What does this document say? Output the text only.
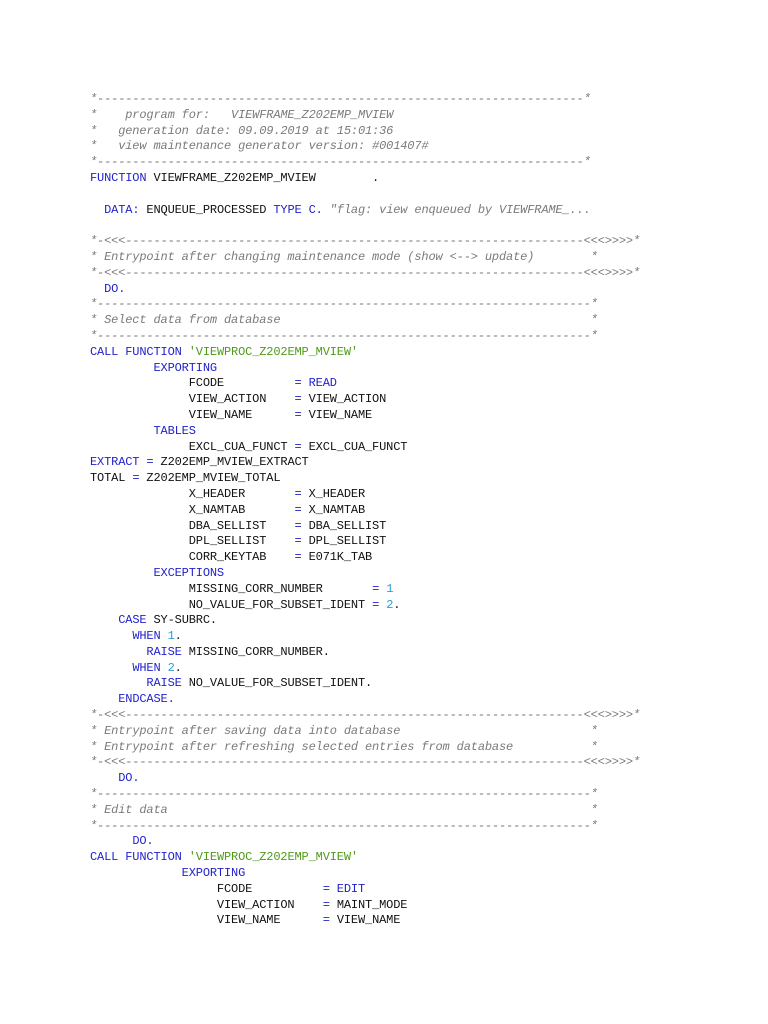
*---------------------------------------------------------------------*
*    program for:   VIEWFRAME_Z202EMP_MVIEW
*   generation date: 09.09.2019 at 15:01:36
*   view maintenance generator version: #001407#
*---------------------------------------------------------------------*
FUNCTION VIEWFRAME_Z202EMP_MVIEW        .

DATA: ENQUEUE_PROCESSED TYPE C. "flag: view enqueued by VIEWFRAME_...

*-<<<-----------------------------------------------------------------<<<>>>>*
* Entrypoint after changing maintenance mode (show <--> update)        *
*-<<<-----------------------------------------------------------------<<<>>>>*
DO.
*----------------------------------------------------------------------*
* Select data from database                                            *
*----------------------------------------------------------------------*
CALL FUNCTION 'VIEWPROC_Z202EMP_MVIEW'
EXPORTING
FCODE          = READ
VIEW_ACTION    = VIEW_ACTION
VIEW_NAME      = VIEW_NAME
TABLES
EXCL_CUA_FUNCT = EXCL_CUA_FUNCT
EXTRACT = Z202EMP_MVIEW_EXTRACT
TOTAL = Z202EMP_MVIEW_TOTAL
X_HEADER       = X_HEADER
X_NAMTAB       = X_NAMTAB
DBA_SELLIST    = DBA_SELLIST
DPL_SELLIST    = DPL_SELLIST
CORR_KEYTAB    = E071K_TAB
EXCEPTIONS
MISSING_CORR_NUMBER       = 1
NO_VALUE_FOR_SUBSET_IDENT = 2.
CASE SY-SUBRC.
WHEN 1.
RAISE MISSING_CORR_NUMBER.
WHEN 2.
RAISE NO_VALUE_FOR_SUBSET_IDENT.
ENDCASE.
*-<<<-----------------------------------------------------------------<<<>>>>*
* Entrypoint after saving data into database                           *
* Entrypoint after refreshing selected entries from database           *
*-<<<-----------------------------------------------------------------<<<>>>>*
DO.
*----------------------------------------------------------------------*
* Edit data                                                            *
*----------------------------------------------------------------------*
DO.
CALL FUNCTION 'VIEWPROC_Z202EMP_MVIEW'
EXPORTING
FCODE          = EDIT
VIEW_ACTION    = MAINT_MODE
VIEW_NAME      = VIEW_NAME
